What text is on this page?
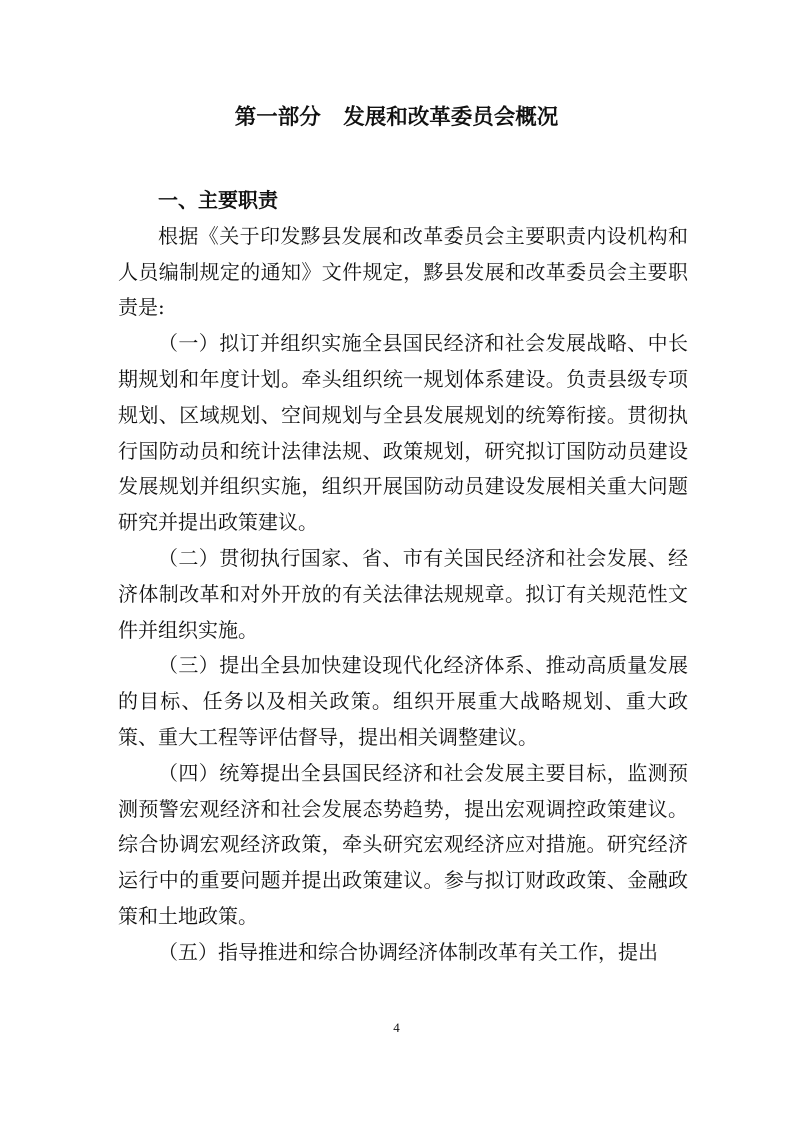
第一部分   发展和改革委员会概况

一、主要职责

根据《关于印发黟县发展和改革委员会主要职责内设机构和人员编制规定的通知》文件规定，黟县发展和改革委员会主要职责是:

（一）拟订并组织实施全县国民经济和社会发展战略、中长期规划和年度计划。牵头组织统一规划体系建设。负责县级专项规划、区域规划、空间规划与全县发展规划的统筹衔接。贯彻执行国防动员和统计法律法规、政策规划，研究拟订国防动员建设发展规划并组织实施，组织开展国防动员建设发展相关重大问题研究并提出政策建议。

（二）贯彻执行国家、省、市有关国民经济和社会发展、经济体制改革和对外开放的有关法律法规规章。拟订有关规范性文件并组织实施。

（三）提出全县加快建设现代化经济体系、推动高质量发展的目标、任务以及相关政策。组织开展重大战略规划、重大政策、重大工程等评估督导，提出相关调整建议。

（四）统筹提出全县国民经济和社会发展主要目标，监测预测预警宏观经济和社会发展态势趋势，提出宏观调控政策建议。综合协调宏观经济政策，牵头研究宏观经济应对措施。研究经济运行中的重要问题并提出政策建议。参与拟订财政政策、金融政策和土地政策。

（五）指导推进和综合协调经济体制改革有关工作，提出

4
